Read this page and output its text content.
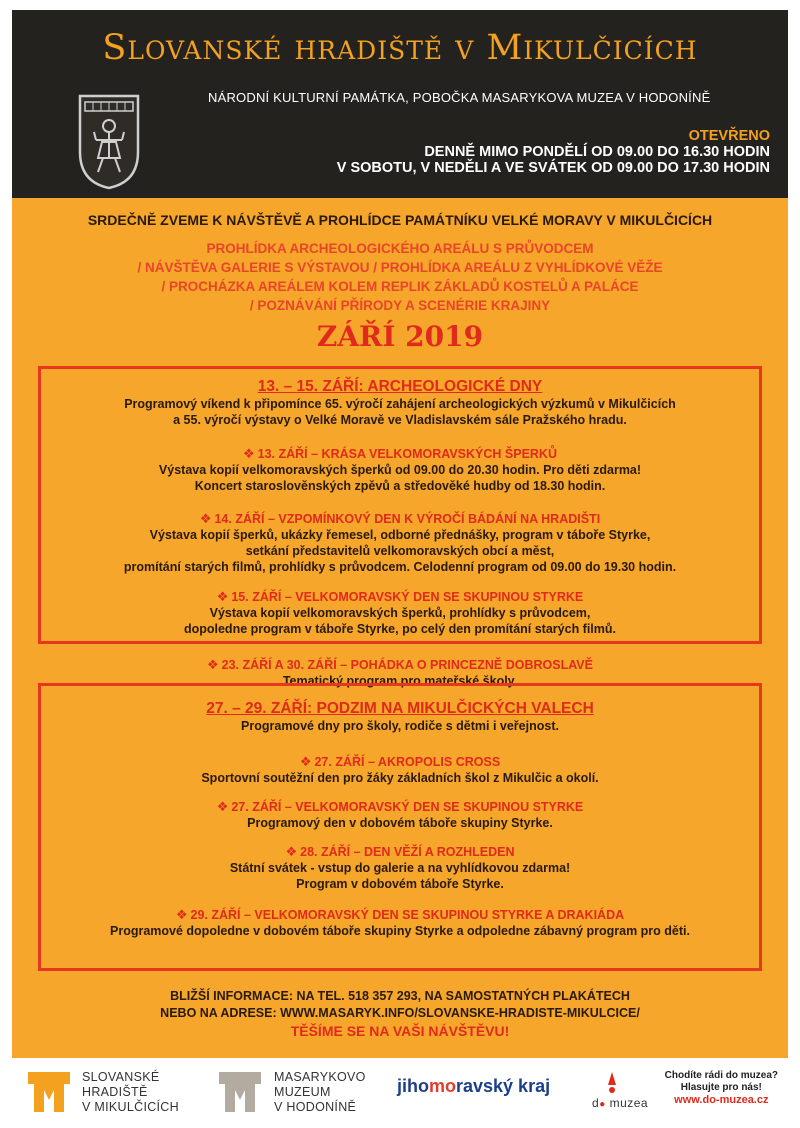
Slovanské hradiště v Mikulčicích
NÁRODNÍ KULTURNÍ PAMÁTKA, POBOČKA MASARYKOVA MUZEA V HODONÍNĚ
OTEVŘENO
DENNĚ MIMO PONDĚLÍ OD 09.00 DO 16.30 HODIN
V SOBOTU, V NEDĚLI A VE SVÁTEK OD 09.00 DO 17.30 HODIN
SRDEČNĚ ZVEME K NÁVŠTĚVĚ A PROHLÍDCE PAMÁTNÍKU VELKÉ MORAVY V MIKULČICÍCH
PROHLÍDKA ARCHEOLOGICKÉHO AREÁLU S PRŮVODCEM
/ NÁVŠTĚVA GALERIE S VÝSTAVOU / PROHLÍDKA AREÁLU Z VYHLÍDKOVÉ VĚŽE
/ PROCHÁZKA AREÁLEM KOLEM REPLIK ZÁKLADŮ KOSTELŮ A PALÁCE
/ POZNÁVÁNÍ PŘÍRODY A SCENÉRIE KRAJINY
ZÁŘÍ 2019
13. – 15. ZÁŘÍ: ARCHEOLOGICKÉ DNY
Programový víkend k připomínce 65. výročí zahájení archeologických výzkumů v Mikulčicích
a 55. výročí výstavy o Velké Moravě ve Vladislavském sále Pražského hradu.
❖ 13. ZÁŘÍ – KRÁSA VELKOMORAVSKÝCH ŠPERKŮ
Výstava kopií velkomoravských šperků od 09.00 do 20.30 hodin. Pro děti zdarma!
Koncert staroslověnských zpěvů a středověké hudby od 18.30 hodin.
❖ 14. ZÁŘÍ – VZPOMÍNKOVÝ DEN K VÝROČÍ BÁDÁNÍ NA HRADIŠTI
Výstava kopií šperků, ukázky řemesel, odborné přednášky, program v táboře Styrke,
setkání představitelů velkomoravských obcí a měst,
promítání starých filmů, prohlídky s průvodcem. Celodenní program od 09.00 do 19.30 hodin.
❖ 15. ZÁŘÍ – VELKOMORAVSKÝ DEN SE SKUPINOU STYRKE
Výstava kopií velkomoravských šperků, prohlídky s průvodcem,
dopoledne program v táboře Styrke, po celý den promítání starých filmů.
❖ 23. ZÁŘÍ A 30. ZÁŘÍ – POHÁDKA O PRINCEZNĚ DOBROSLAVĚ
Tematický program pro mateřské školy.
27. – 29. ZÁŘÍ: PODZIM NA MIKULČICKÝCH VALECH
Programové dny pro školy, rodiče s dětmi i veřejnost.
❖ 27. ZÁŘÍ – AKROPOLIS CROSS
Sportovní soutěžní den pro žáky základních škol z Mikulčic a okolí.
❖ 27. ZÁŘÍ – VELKOMORAVSKÝ DEN SE SKUPINOU STYRKE
Programový den v dobovém táboře skupiny Styrke.
❖ 28. ZÁŘÍ – DEN VĚŽÍ A ROZHLEDEN
Státní svátek - vstup do galerie a na vyhlídkovou zdarma!
Program v dobovém táboře Styrke.
❖ 29. ZÁŘÍ – VELKOMORAVSKÝ DEN SE SKUPINOU STYRKE A DRAKIÁDA
Programové dopoledne v dobovém táboře skupiny Styrke a odpoledne zábavný program pro děti.
BLIŽŠÍ INFORMACE: NA TEL. 518 357 293, NA SAMOSTATNÝCH PLAKÁTECH
NEBO NA ADRESE: WWW.MASARYK.INFO/SLOVANSKE-HRADISTE-MIKULCICE/
TĚŠÍME SE NA VAŠI NÁVŠTĚVU!
SLOVANSKÉ
HRADIŠTĚ
V MIKULČICÍCH
MASARYKOVO
MUZEUM
V HODONÍNĚ
jihomoravský kraj
d● muzea
Chodíte rádi do muzea?
Hlasujte pro nás!
www.do-muzea.cz
